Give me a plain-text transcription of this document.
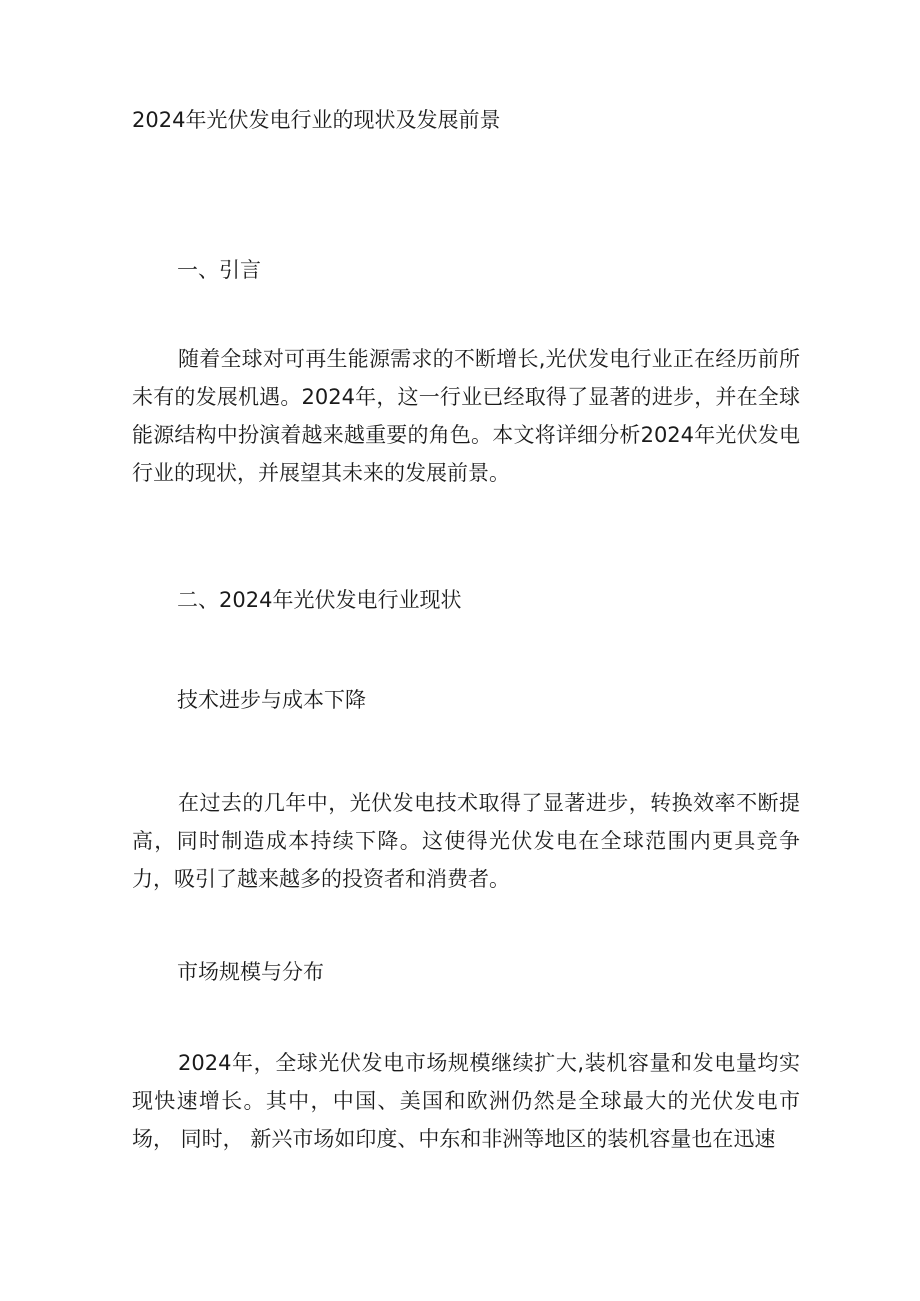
2024年光伏发电行业的现状及发展前景
一、引言
随着全球对可再生能源需求的不断增长,光伏发电行业正在经历前所未有的发展机遇。2024年，这一行业已经取得了显著的进步，并在全球能源结构中扮演着越来越重要的角色。本文将详细分析2024年光伏发电行业的现状，并展望其未来的发展前景。
二、2024年光伏发电行业现状
技术进步与成本下降
在过去的几年中，光伏发电技术取得了显著进步，转换效率不断提高，同时制造成本持续下降。这使得光伏发电在全球范围内更具竞争力，吸引了越来越多的投资者和消费者。
市场规模与分布
2024年，全球光伏发电市场规模继续扩大,装机容量和发电量均实现快速增长。其中，中国、美国和欧洲仍然是全球最大的光伏发电市场， 同时， 新兴市场如印度、中东和非洲等地区的装机容量也在迅速
